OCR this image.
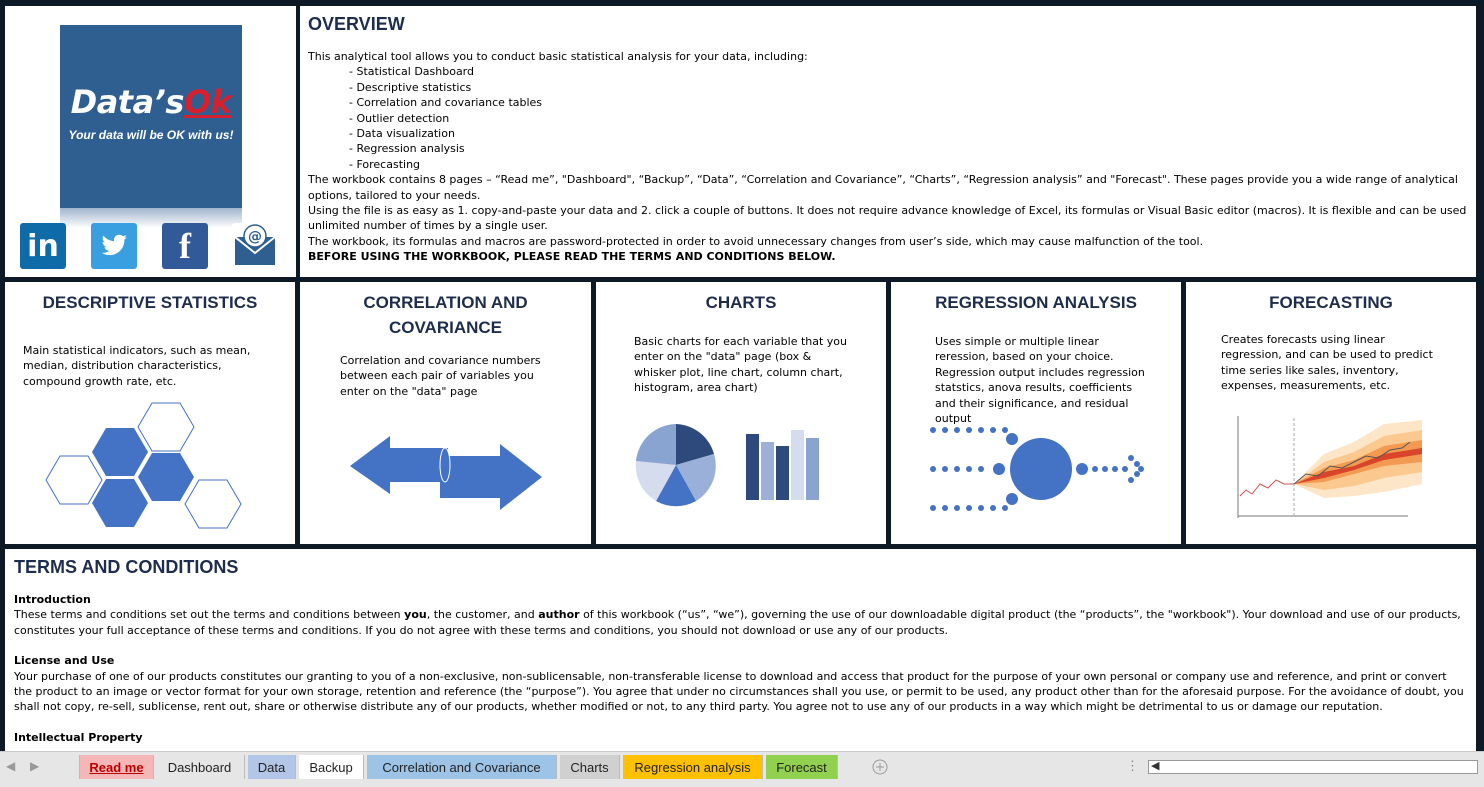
Data’sOk
Your data will be OK with us!
in	f	@
OVERVIEW

This analytical tool allows you to conduct basic statistical analysis for your data, including:

- Statistical Dashboard

- Descriptive statistics

- Correlation and covariance tables

- Outlier detection

- Data visualization

- Regression analysis

- Forecasting

The workbook contains 8 pages – “Read me”, "Dashboard", “Backup”, “Data”, “Correlation and Covariance”, “Charts”, “Regression analysis” and "Forecast". These pages provide you a wide range of analytical options, tailored to your needs.

Using the file is as easy as 1. copy-and-paste your data and 2. click a couple of buttons. It does not require advance knowledge of Excel, its formulas or Visual Basic editor (macros). It is flexible and can be used unlimited number of times by a single user.

The workbook, its formulas and macros are password-protected in order to avoid unnecessary changes from user’s side, which may cause malfunction of the tool.

BEFORE USING THE WORKBOOK, PLEASE READ THE TERMS AND CONDITIONS BELOW.

DESCRIPTIVE STATISTICS
Main statistical indicators, such as mean, median, distribution characteristics, compound growth rate, etc.
CORRELATION AND
COVARIANCE
Correlation and covariance numbers between each pair of variables you enter on the "data" page
CHARTS
Basic charts for each variable that you enter on the "data" page (box & whisker plot, line chart, column chart, histogram, area chart)
REGRESSION ANALYSIS
Uses simple or multiple linear reression, based on your choice. Regression output includes regression statstics, anova results, coefficients and their significance, and residual output
FORECASTING
Creates forecasts using linear regression, and can be used to predict time series like sales, inventory, expenses, measurements, etc.
TERMS AND CONDITIONS
Introduction

These terms and conditions set out the terms and conditions between you, the customer, and author of this workbook (“us”, “we”), governing the use of our downloadable digital product (the “products”, the "workbook"). Your download and use of our products, constitutes your full acceptance of these terms and conditions. If you do not agree with these terms and conditions, you should not download or use any of our products.

License and Use

Your purchase of one of our products constitutes our granting to you of a non-exclusive, non-sublicensable, non-transferable license to download and access that product for the purpose of your own personal or company use and reference, and print or convert the product to an image or vector format for your own storage, retention and reference (the “purpose”). You agree that under no circumstances shall you use, or permit to be used, any product other than for the aforesaid purpose. For the avoidance of doubt, you shall not copy, re-sell, sublicense, rent out, share or otherwise distribute any of our products, whether modified or not, to any third party. You agree not to use any of our products in a way which might be detrimental to us or damage our reputation.

Intellectual Property
◀ ▶	Read me	Dashboard	Data	Backup	Correlation and Covariance	Charts	Regression analysis	Forecast	⋮ ◀
